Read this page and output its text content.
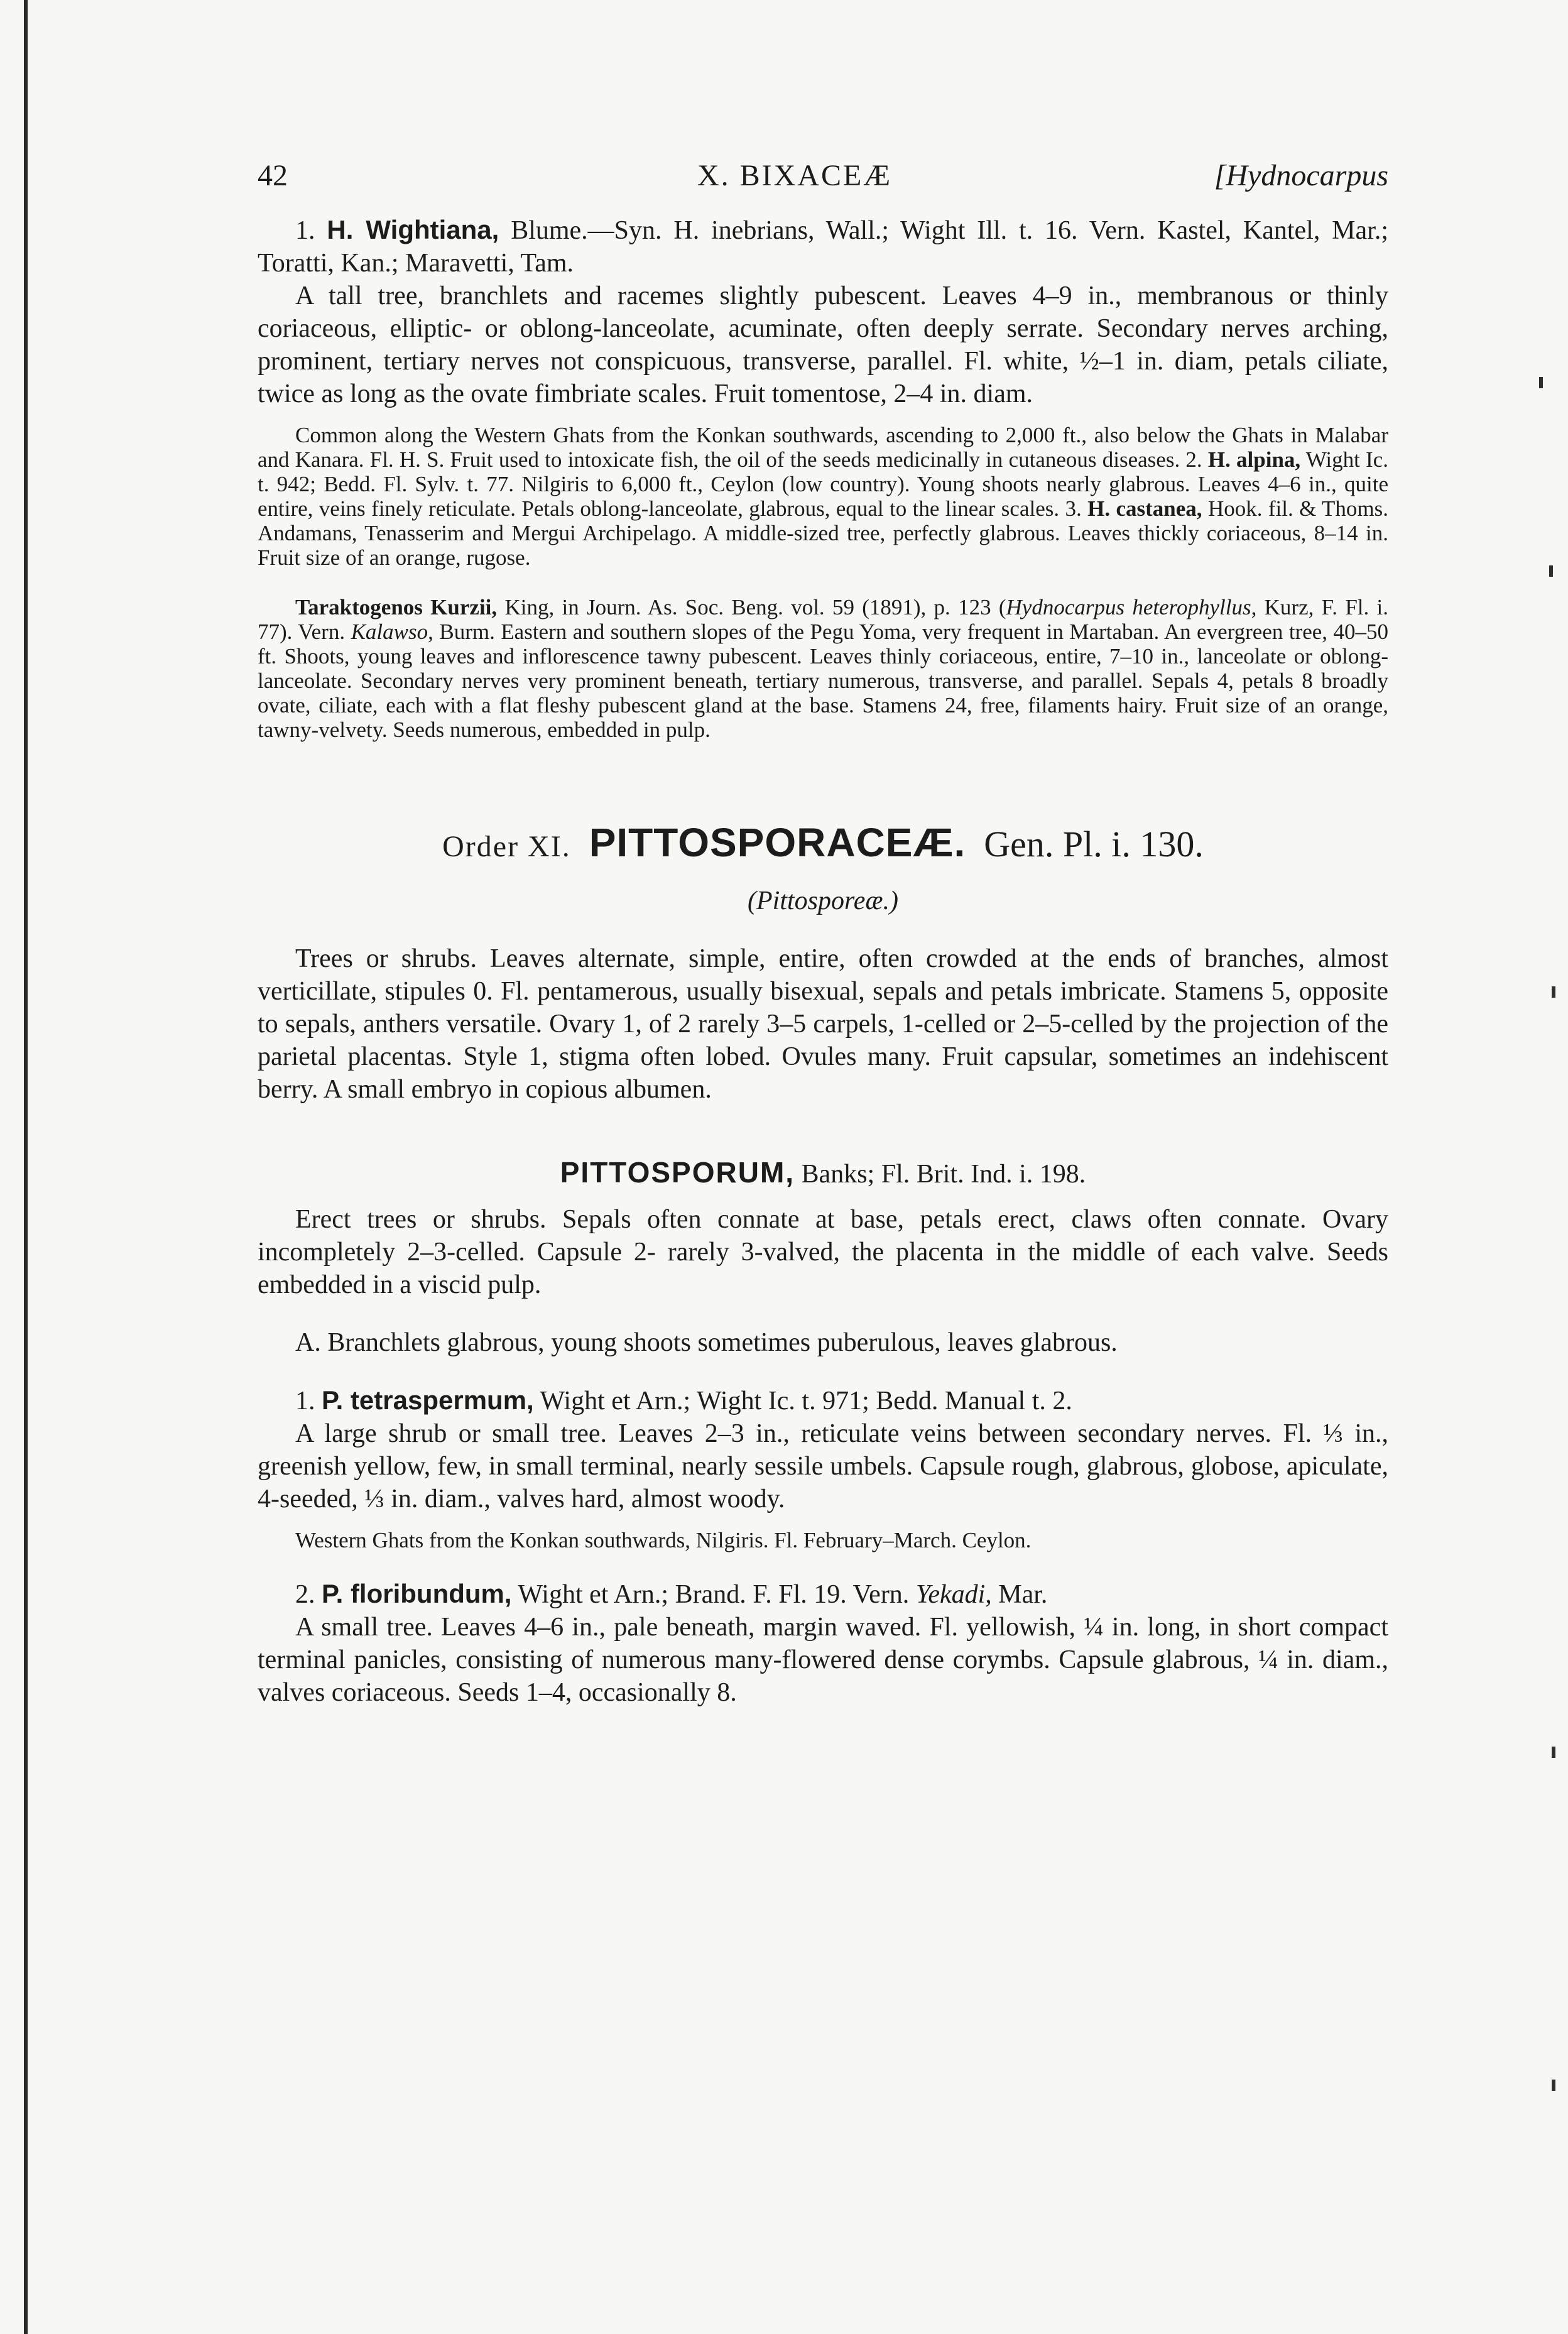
42	X. BIXACEÆ	[Hydnocarpus

1. H. Wightiana, Blume.—Syn. H. inebrians, Wall.; Wight Ill. t. 16. Vern. Kastel, Kantel, Mar.; Toratti, Kan.; Maravetti, Tam.

A tall tree, branchlets and racemes slightly pubescent. Leaves 4–9 in., membranous or thinly coriaceous, elliptic- or oblong-lanceolate, acuminate, often deeply serrate. Secondary nerves arching, prominent, tertiary nerves not conspicuous, transverse, parallel. Fl. white, ½–1 in. diam, petals ciliate, twice as long as the ovate fimbriate scales. Fruit tomentose, 2–4 in. diam.

Common along the Western Ghats from the Konkan southwards, ascending to 2,000 ft., also below the Ghats in Malabar and Kanara. Fl. H. S. Fruit used to intoxicate fish, the oil of the seeds medicinally in cutaneous diseases. 2. H. alpina, Wight Ic. t. 942; Bedd. Fl. Sylv. t. 77. Nilgiris to 6,000 ft., Ceylon (low country). Young shoots nearly glabrous. Leaves 4–6 in., quite entire, veins finely reticulate. Petals oblong-lanceolate, glabrous, equal to the linear scales. 3. H. castanea, Hook. fil. & Thoms. Andamans, Tenasserim and Mergui Archipelago. A middle-sized tree, perfectly glabrous. Leaves thickly coriaceous, 8–14 in. Fruit size of an orange, rugose.

Taraktogenos Kurzii, King, in Journ. As. Soc. Beng. vol. 59 (1891), p. 123 (Hydnocarpus heterophyllus, Kurz, F. Fl. i. 77). Vern. Kalawso, Burm. Eastern and southern slopes of the Pegu Yoma, very frequent in Martaban. An evergreen tree, 40–50 ft. Shoots, young leaves and inflorescence tawny pubescent. Leaves thinly coriaceous, entire, 7–10 in., lanceolate or oblong-lanceolate. Secondary nerves very prominent beneath, tertiary numerous, transverse, and parallel. Sepals 4, petals 8 broadly ovate, ciliate, each with a flat fleshy pubescent gland at the base. Stamens 24, free, filaments hairy. Fruit size of an orange, tawny-velvety. Seeds numerous, embedded in pulp.

Order XI. PITTOSPORACEÆ. Gen. Pl. i. 130.

(Pittosporeæ.)

Trees or shrubs. Leaves alternate, simple, entire, often crowded at the ends of branches, almost verticillate, stipules 0. Fl. pentamerous, usually bisexual, sepals and petals imbricate. Stamens 5, opposite to sepals, anthers versatile. Ovary 1, of 2 rarely 3–5 carpels, 1-celled or 2–5-celled by the projection of the parietal placentas. Style 1, stigma often lobed. Ovules many. Fruit capsular, sometimes an indehiscent berry. A small embryo in copious albumen.

PITTOSPORUM, Banks; Fl. Brit. Ind. i. 198.

Erect trees or shrubs. Sepals often connate at base, petals erect, claws often connate. Ovary incompletely 2–3-celled. Capsule 2- rarely 3-valved, the placenta in the middle of each valve. Seeds embedded in a viscid pulp.

A. Branchlets glabrous, young shoots sometimes puberulous, leaves glabrous.

1. P. tetraspermum, Wight et Arn.; Wight Ic. t. 971; Bedd. Manual t. 2.

A large shrub or small tree. Leaves 2–3 in., reticulate veins between secondary nerves. Fl. ⅓ in., greenish yellow, few, in small terminal, nearly sessile umbels. Capsule rough, glabrous, globose, apiculate, 4-seeded, ⅓ in. diam., valves hard, almost woody.

Western Ghats from the Konkan southwards, Nilgiris. Fl. February–March. Ceylon.

2. P. floribundum, Wight et Arn.; Brand. F. Fl. 19. Vern. Yekadi, Mar.

A small tree. Leaves 4–6 in., pale beneath, margin waved. Fl. yellowish, ¼ in. long, in short compact terminal panicles, consisting of numerous many-flowered dense corymbs. Capsule glabrous, ¼ in. diam., valves coriaceous. Seeds 1–4, occasionally 8.
